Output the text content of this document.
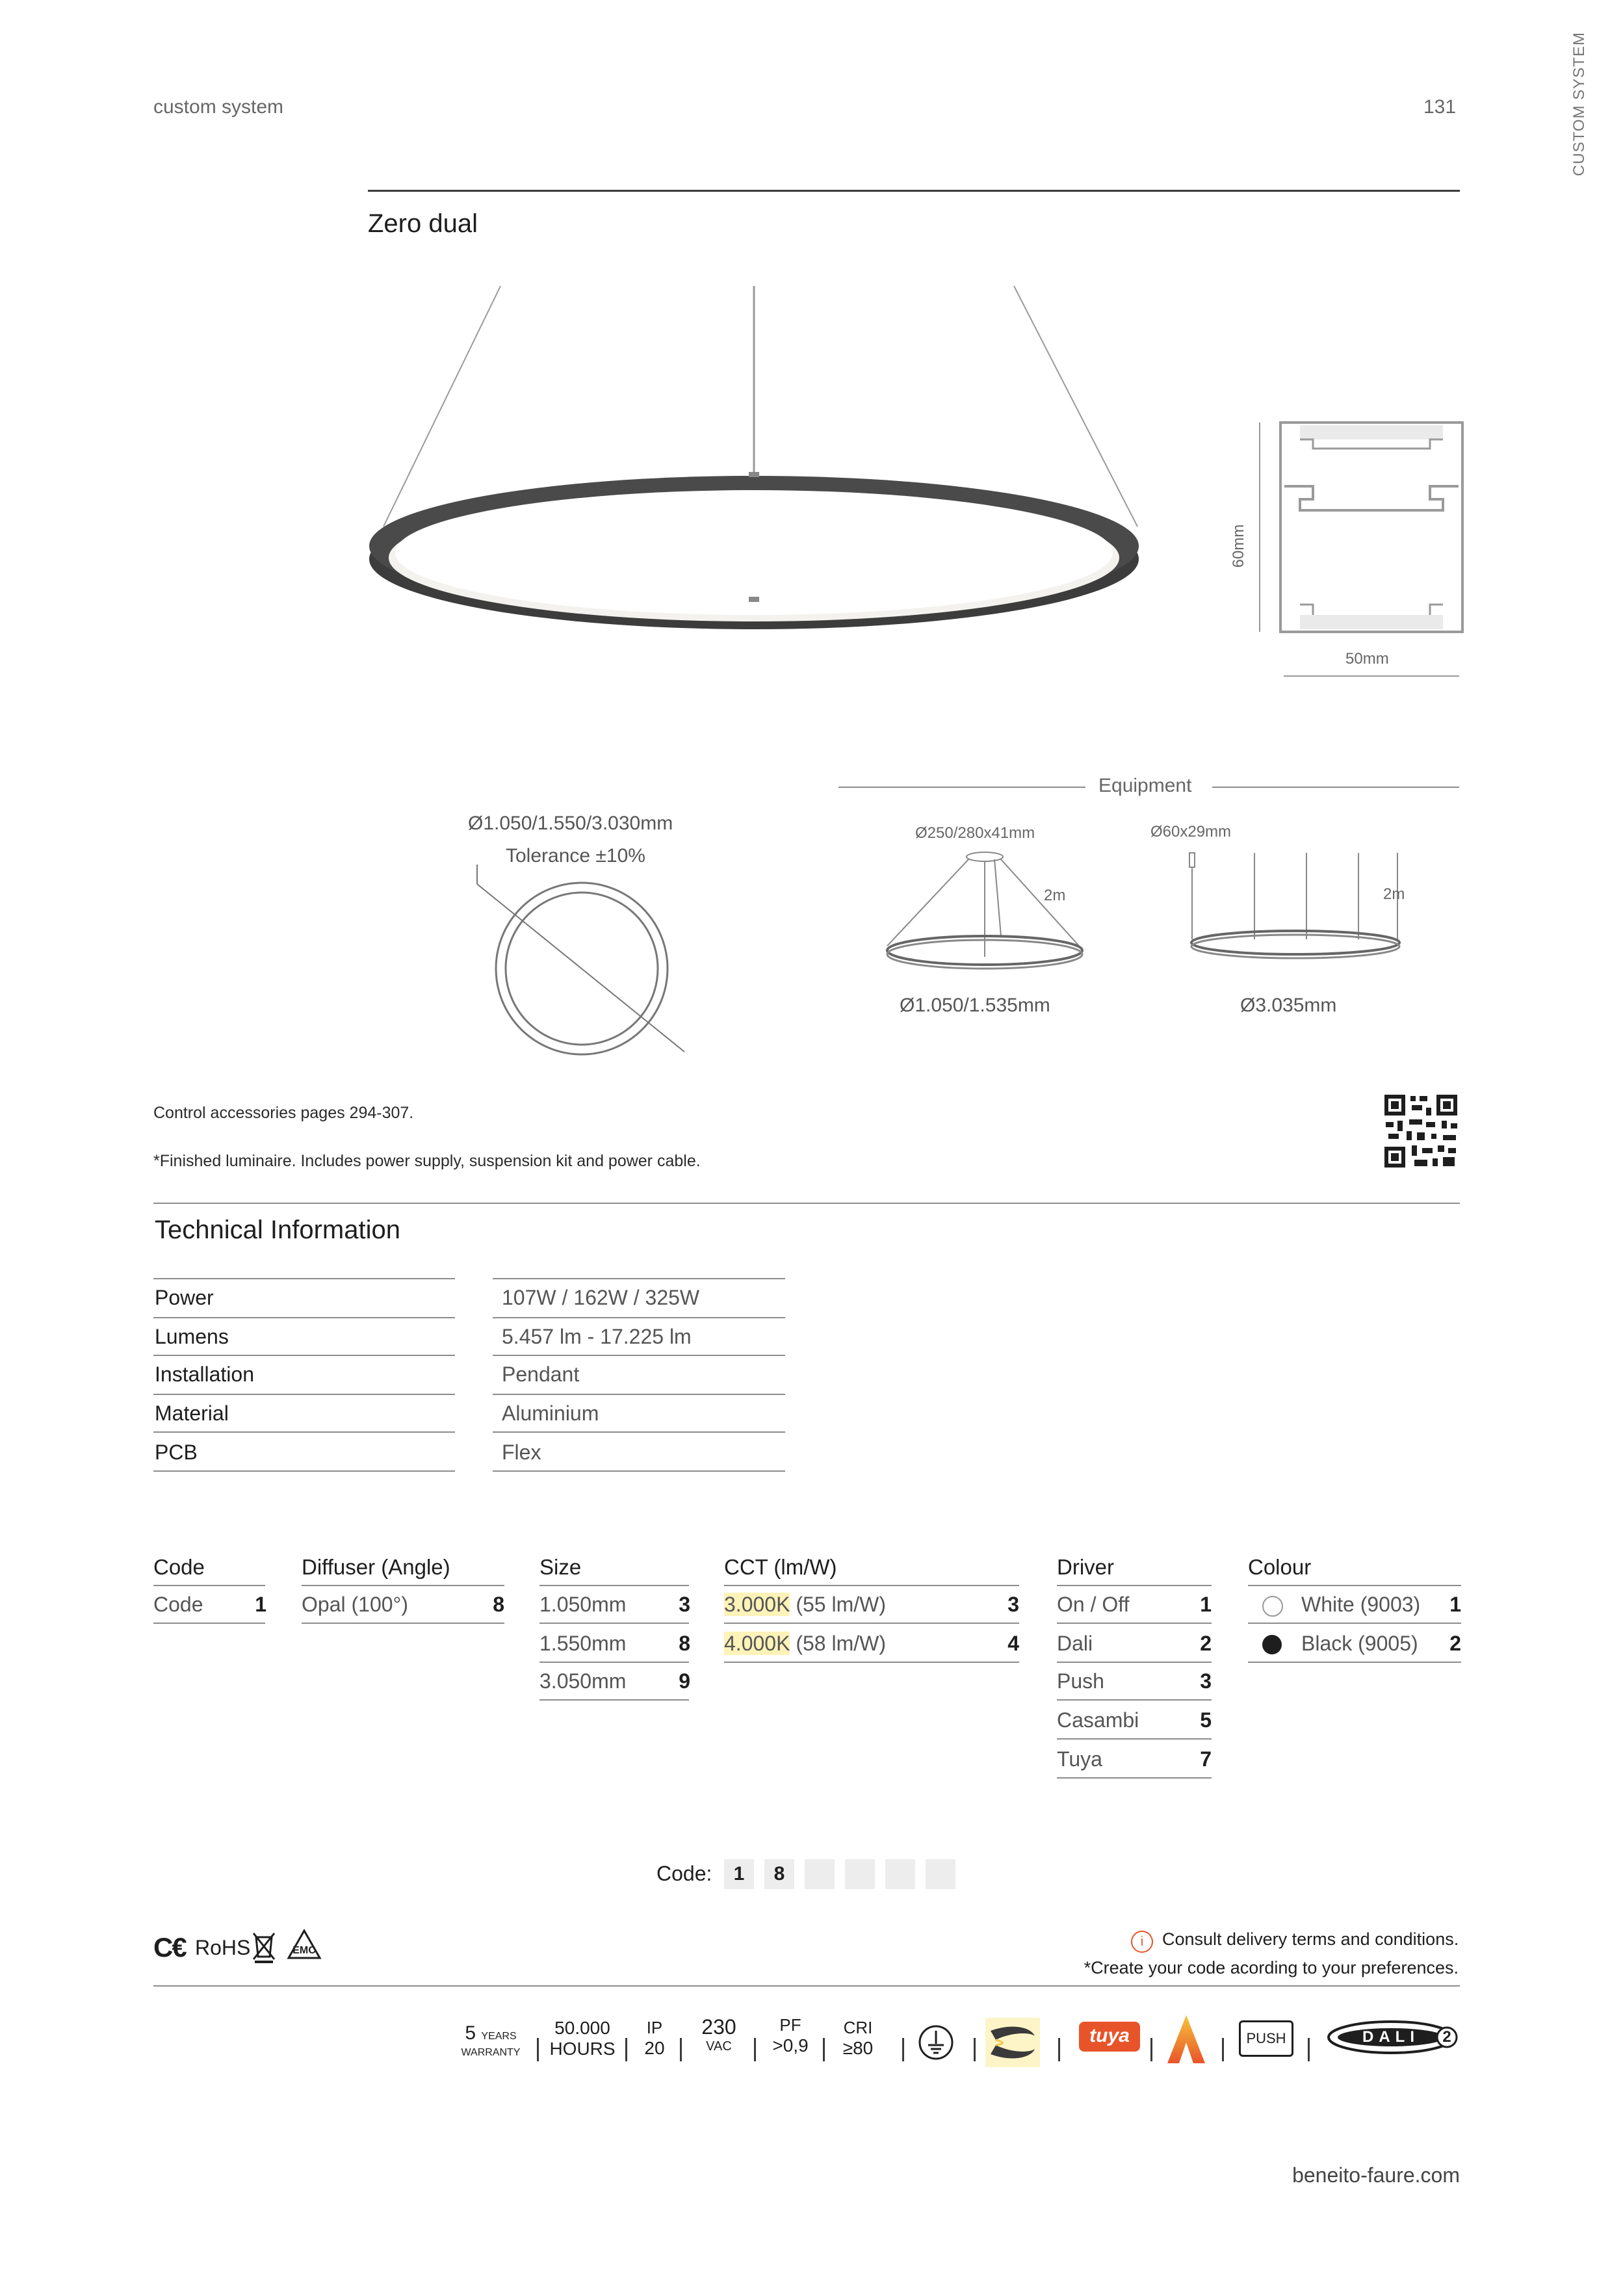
custom system	131	CUSTOM SYSTEM
Zero dual
60mm
50mm
Ø1.050/1.550/3.030mm
Tolerance ±10%
Equipment
Ø250/280x41mm	Ø60x29mm
2m	2m
Ø1.050/1.535mm	Ø3.035mm
Control accessories pages 294-307.
*Finished luminaire. Includes power supply, suspension kit and power cable.
Technical Information
Power	107W / 162W / 325W
Lumens	5.457 lm - 17.225 lm
Installation	Pendant
Material	Aluminium
PCB	Flex
Code
Code	1
Diffuser (Angle)
Opal (100°)	8
Size
1.050mm	3
1.550mm	8
3.050mm	9
CCT (lm/W)
3.000K (55 lm/W)	3
4.000K (58 lm/W)	4
Driver
On / Off	1
Dali	2
Push	3
Casambi	5
Tuya	7
Colour
White (9003)	1
Black (9005)	2
Code:	1	8
C€ RoHS	EMC
i	Consult delivery terms and conditions.
*Create your code acording to your preferences.
5 YEARS
WARRANTY
50.000
HOURS
IP
20
230
VAC
PF
>0,9
CRI
≥80
tuya	PUSH	DALI	2
beneito-faure.com
